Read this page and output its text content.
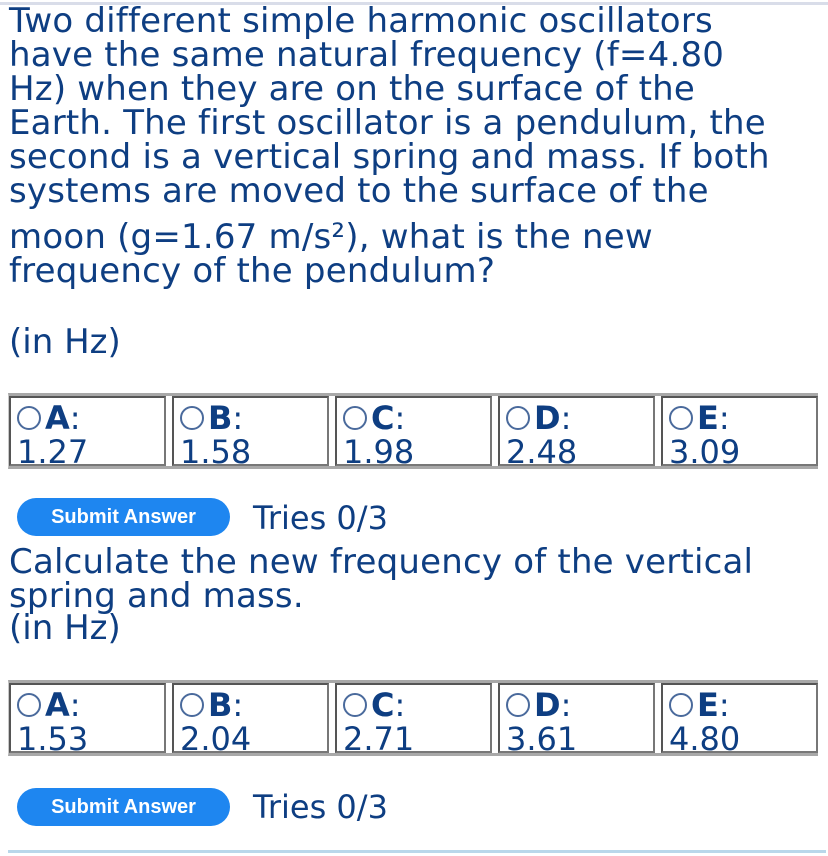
Two different simple harmonic oscillators
have the same natural frequency (f=4.80
Hz) when they are on the surface of the
Earth. The first oscillator is a pendulum, the
second is a vertical spring and mass. If both
systems are moved to the surface of the
moon (g=1.67 m/s²), what is the new
frequency of the pendulum?
(in Hz)
A :
1.27
B :
1.58
C :
1.98
D :
2.48
E :
3.09
Submit Answer	Tries 0/3
Calculate the new frequency of the vertical
spring and mass.
(in Hz)
A :
1.53
B :
2.04
C :
2.71
D :
3.61
E :
4.80
Submit Answer	Tries 0/3
